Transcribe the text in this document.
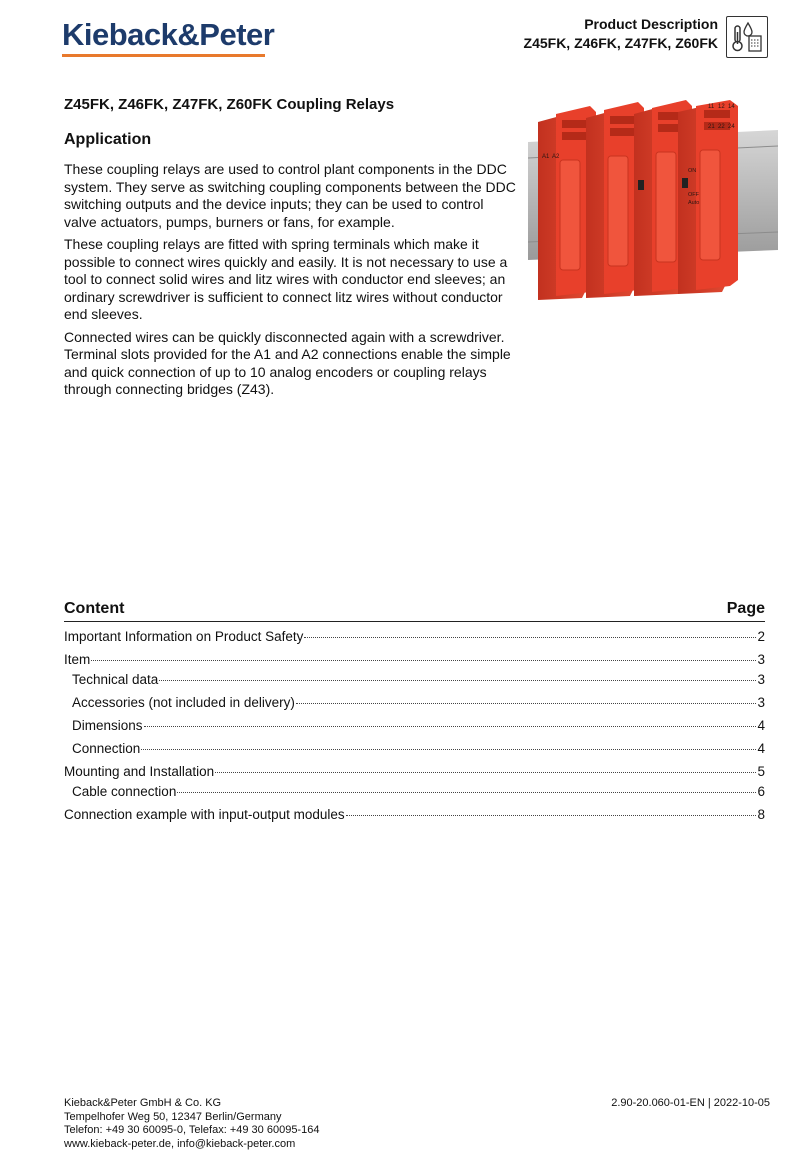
Kieback&Peter	Product Description
Z45FK, Z46FK, Z47FK, Z60FK
Z45FK, Z46FK, Z47FK, Z60FK Coupling Relays
Application

These coupling relays are used to control plant components in the DDC system. They serve as switching coupling components between the DDC switching outputs and the device inputs; they can be used to control valve actuators, pumps, burners or fans, for example.

These coupling relays are fitted with spring terminals which make it possible to connect wires quickly and easily. It is not necessary to use a tool to connect solid wires and litz wires with conductor end sleeves; an ordinary screwdriver is sufficient to connect litz wires without conductor end sleeves.

Connected wires can be quickly disconnected again with a screwdriver. Terminal slots provided for the A1 and A2 connections enable the simple and quick connection of up to 10 analog encoders or coupling relays through connecting bridges (Z43).

A1 A2
11 12 14
21 22 24
ON
OFF
Auto
Content	Page
Important Information on Product Safety	2
Item	3
Technical data	3
Accessories (not included in delivery)	3
Dimensions	4
Connection	4
Mounting and Installation	5
Cable connection	6
Connection example with input-output modules	8
Kieback&Peter GmbH & Co. KG
Tempelhofer Weg 50, 12347 Berlin/Germany
Telefon: +49 30 60095-0, Telefax: +49 30 60095-164
www.kieback-peter.de, info@kieback-peter.com
2.90-20.060-01-EN | 2022-10-05
